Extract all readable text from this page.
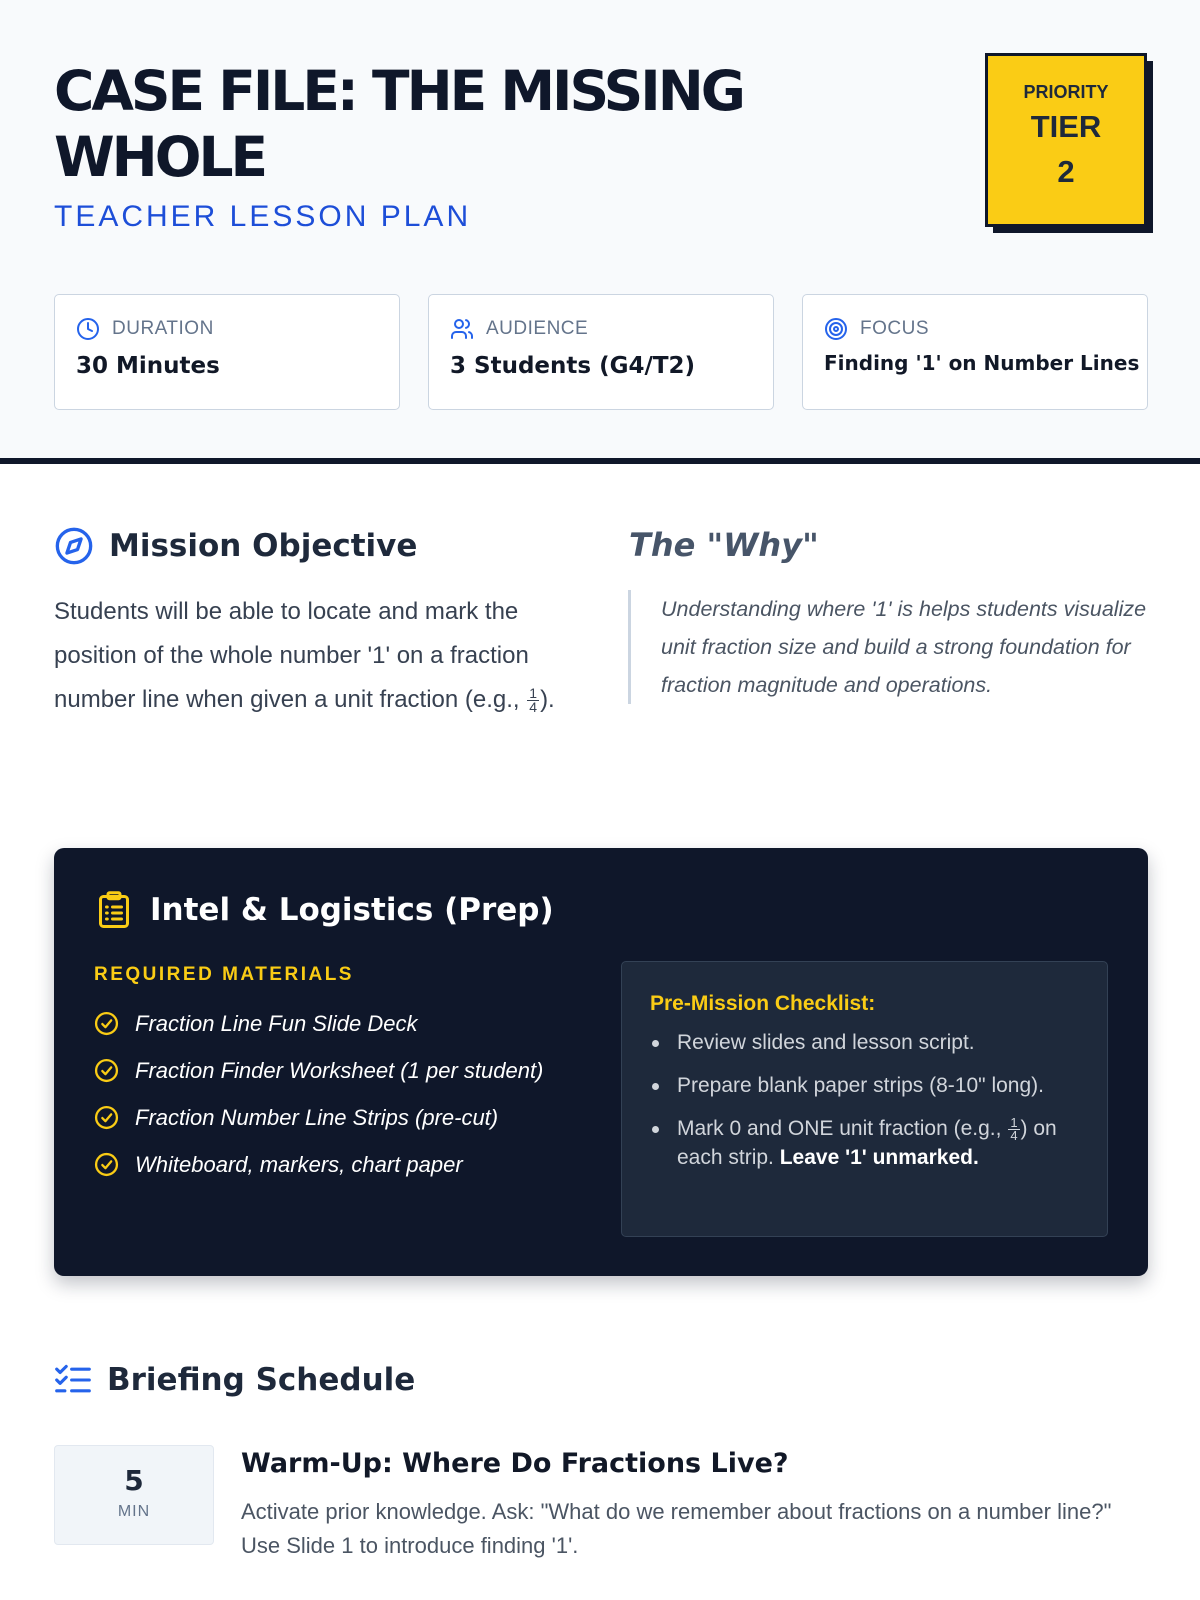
CASE FILE: THE MISSING WHOLE
TEACHER LESSON PLAN
PRIORITY
TIER
2
DURATION
30 Minutes
AUDIENCE
3 Students (G4/T2)
FOCUS
Finding '1' on Number Lines
Mission Objective

Students will be able to locate and mark the position of the whole number '1' on a fraction number line when given a unit fraction (e.g., $\frac{1}{4}$ ).

The "Why"

Understanding where '1' is helps students visualize unit fraction size and build a strong foundation for fraction magnitude and operations.

Intel & Logistics (Prep)
REQUIRED MATERIALS
Fraction Line Fun Slide Deck
Fraction Finder Worksheet (1 per student)
Fraction Number Line Strips (pre-cut)
Whiteboard, markers, chart paper
Pre-Mission Checklist:
Review slides and lesson script.
Prepare blank paper strips (8-10" long).
Mark 0 and ONE unit fraction (e.g., $\frac{1}{4}$ ) on each strip. Leave '1' unmarked.
Briefing Schedule
5
MIN
Warm-Up: Where Do Fractions Live?

Activate prior knowledge. Ask: "What do we remember about fractions on a number line?" Use Slide 1 to introduce finding '1'.
